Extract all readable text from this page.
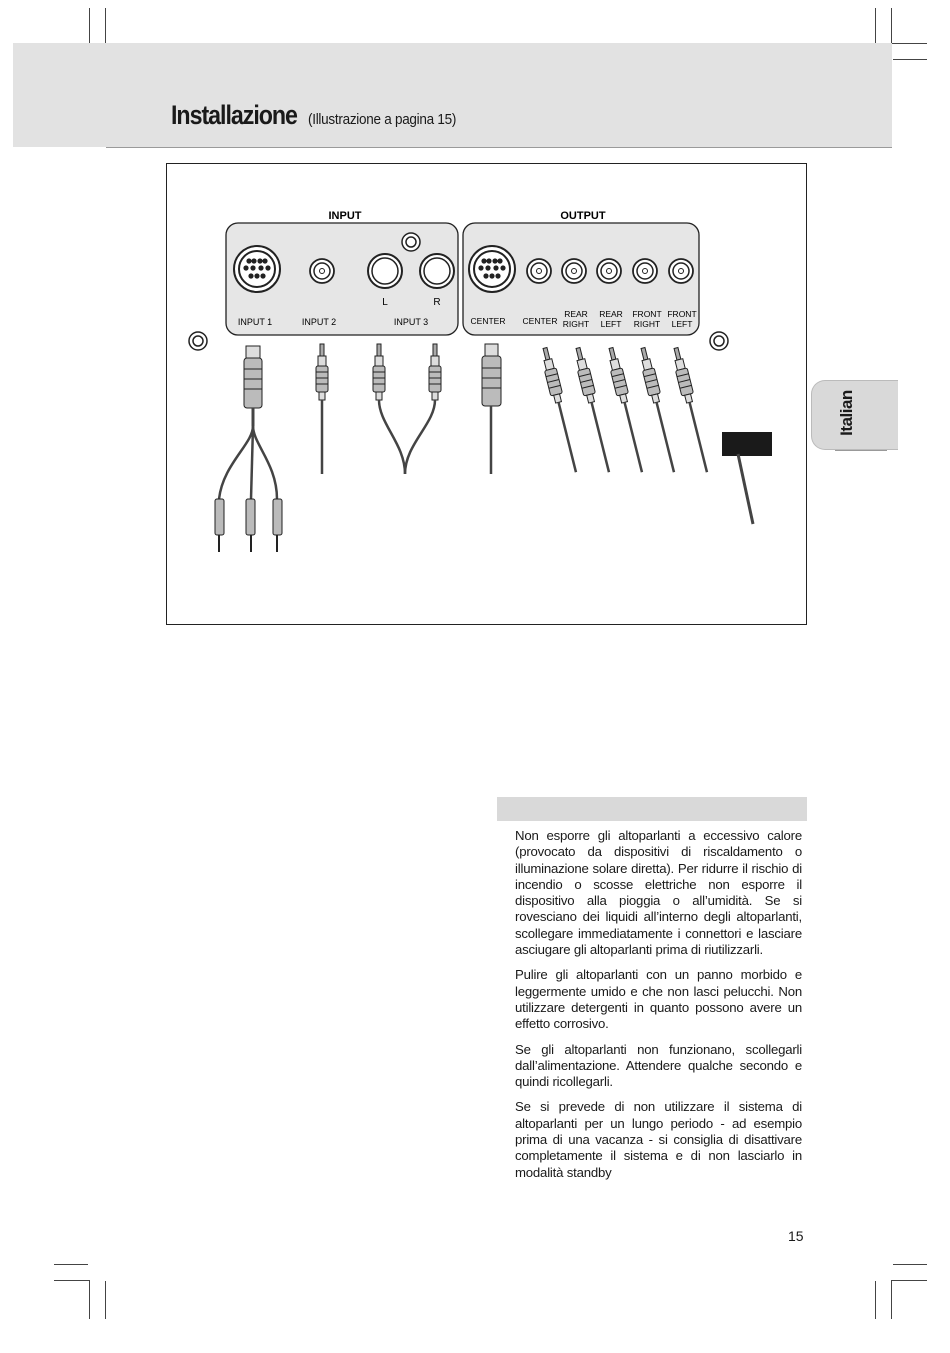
Installazione (Illustrazione a pagina 15)
INPUT	OUTPUT
L	R
INPUT 1	INPUT 2	INPUT 3	CENTER CENTER
REAR
RIGHT
REAR
LEFT
FRONT
RIGHT
FRONT
LEFT
Italian

Non esporre gli altoparlanti a eccessivo calore (provocato da dispositivi di riscaldamento o illuminazione solare diretta). Per ridurre il rischio di incendio o scosse elettriche non esporre il dispositivo alla pioggia o all’umidità. Se si rovesciano dei liquidi all’interno degli altoparlanti, scollegare immediatamente i connettori e lasciare asciugare gli altoparlanti prima di riutilizzarli.

Pulire gli altoparlanti con un panno morbido e leggermente umido e che non lasci pelucchi. Non utilizzare detergenti in quanto possono avere un effetto corrosivo.

Se gli altoparlanti non funzionano, scollegarli dall’alimentazione. Attendere qualche secondo e quindi ricollegarli.

Se si prevede di non utilizzare il sistema di altoparlanti per un lungo periodo - ad esempio prima di una vacanza - si consiglia di disattivare completamente il sistema e di non lasciarlo in modalità standby

15
